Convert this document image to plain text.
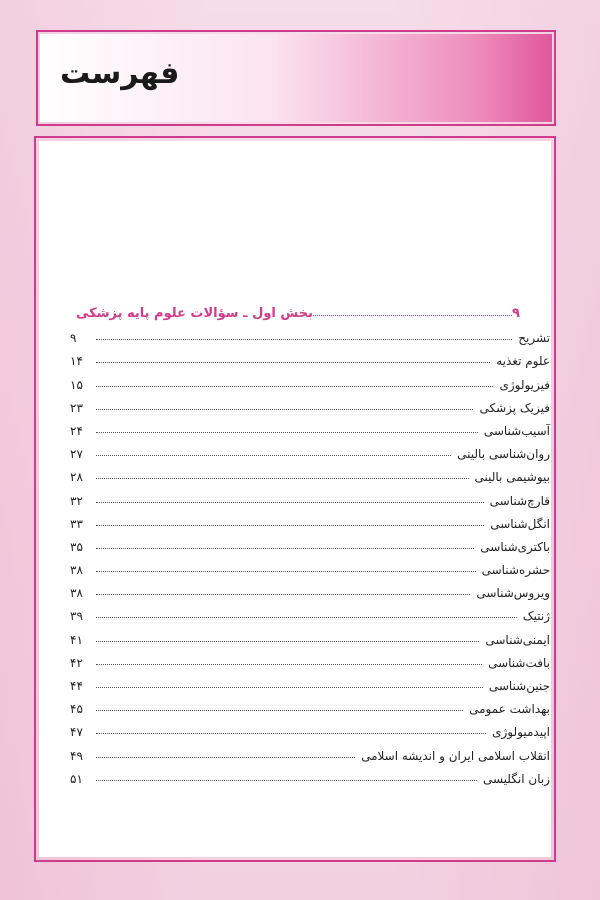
فهرست
بخش اول ـ سؤالات علوم پایه پزشکی	۹
تشریح
۹
علوم تغذیه
۱۴
فیزیولوژی
۱۵
فیزیک پزشکی
۲۳
آسیب‌شناسی
۲۴
روان‌شناسی بالینی
۲۷
بیوشیمی بالینی
۲۸
قارچ‌شناسی
۳۲
انگل‌شناسی
۳۳
باکتری‌شناسی
۳۵
حشره‌شناسی
۳۸
ویروس‌شناسی
۳۸
ژنتیک
۳۹
ایمنی‌شناسی
۴۱
بافت‌شناسی
۴۲
جنین‌شناسی
۴۴
بهداشت عمومی
۴۵
اپیدمیولوژی
۴۷
انقلاب اسلامی ایران و اندیشه اسلامی
۴۹
زبان انگلیسی
۵۱
